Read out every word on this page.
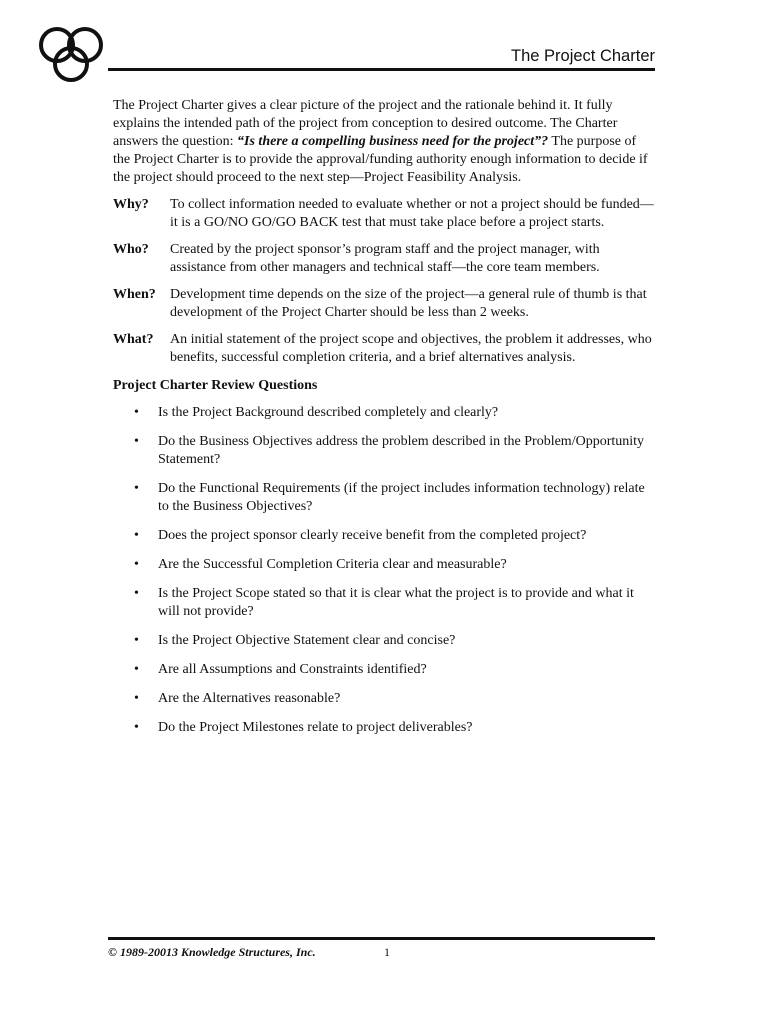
The Project Charter

The Project Charter gives a clear picture of the project and the rationale behind it. It fully explains the intended path of the project from conception to desired outcome. The Charter answers the question: “Is there a compelling business need for the project”? The purpose of the Project Charter is to provide the approval/funding authority enough information to decide if the project should proceed to the next step—Project Feasibility Analysis.

Why?	To collect information needed to evaluate whether or not a project should be funded—it is a GO/NO GO/GO BACK test that must take place before a project starts.
Who?	Created by the project sponsor’s program staff and the project manager, with assistance from other managers and technical staff—the core team members.
When?	Development time depends on the size of the project—a general rule of thumb is that development of the Project Charter should be less than 2 weeks.
What?	An initial statement of the project scope and objectives, the problem it addresses, who benefits, successful completion criteria, and a brief alternatives analysis.
Project Charter Review Questions
• Is the Project Background described completely and clearly?
• Do the Business Objectives address the problem described in the Problem/Opportunity Statement?
• Do the Functional Requirements (if the project includes information technology) relate to the Business Objectives?
• Does the project sponsor clearly receive benefit from the completed project?
• Are the Successful Completion Criteria clear and measurable?
• Is the Project Scope stated so that it is clear what the project is to provide and what it will not provide?
• Is the Project Objective Statement clear and concise?
• Are all Assumptions and Constraints identified?
• Are the Alternatives reasonable?
• Do the Project Milestones relate to project deliverables?
© 1989-20013 Knowledge Structures, Inc.	1
